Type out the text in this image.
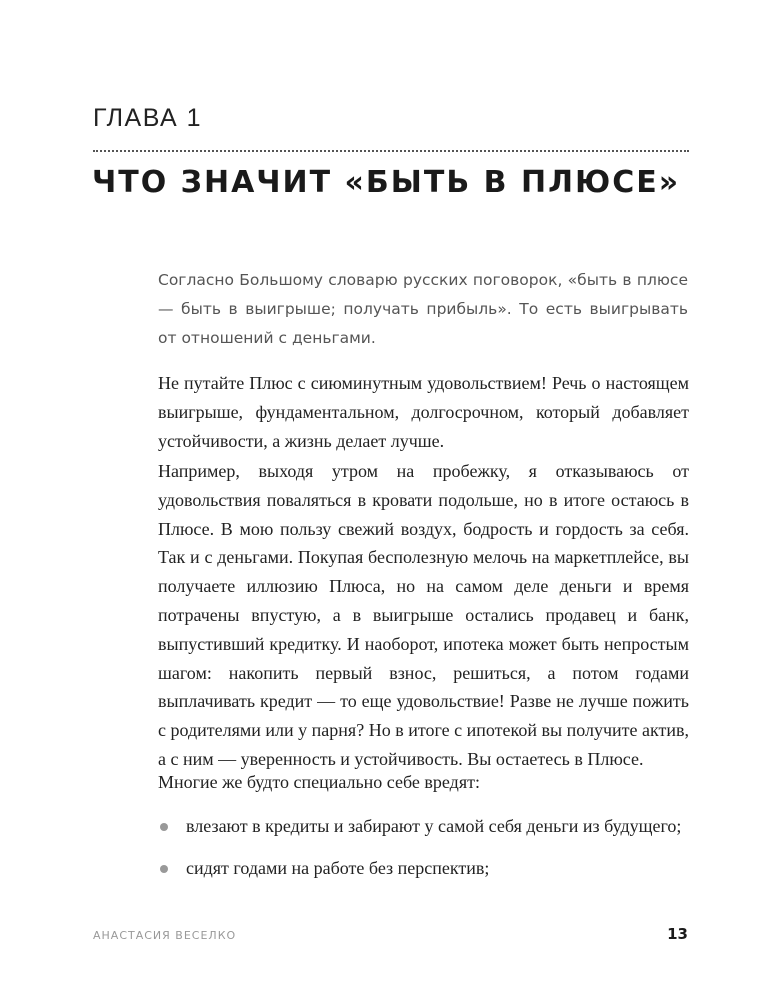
ГЛАВА 1
ЧТО ЗНАЧИТ «БЫТЬ В ПЛЮСЕ»

Согласно Большому словарю русских поговорок, «быть в плюсе — быть в выигрыше; получать прибыль». То есть выигрывать от отношений с деньгами.

Не путайте Плюс с сиюминутным удовольствием! Речь о настоящем выигрыше, фундаментальном, долгосрочном, который добавляет устойчивости, а жизнь делает лучше.

Например, выходя утром на пробежку, я отказываюсь от удовольствия поваляться в кровати подольше, но в итоге остаюсь в Плюсе. В мою пользу свежий воздух, бодрость и гордость за себя. Так и с деньгами. Покупая бесполезную мелочь на маркетплейсе, вы получаете иллюзию Плюса, но на самом деле деньги и время потрачены впустую, а в выигрыше остались продавец и банк, выпустивший кредитку. И наоборот, ипотека может быть непростым шагом: накопить первый взнос, решиться, а потом годами выплачивать кредит — то еще удовольствие! Разве не лучше пожить с родителями или у парня? Но в итоге с ипотекой вы получите актив, а с ним — уверенность и устойчивость. Вы остаетесь в Плюсе.

Многие же будто специально себе вредят:

влезают в кредиты и забирают у самой себя деньги из будущего;
сидят годами на работе без перспектив;

АНАСТАСИЯ ВЕСЕЛКО	13
